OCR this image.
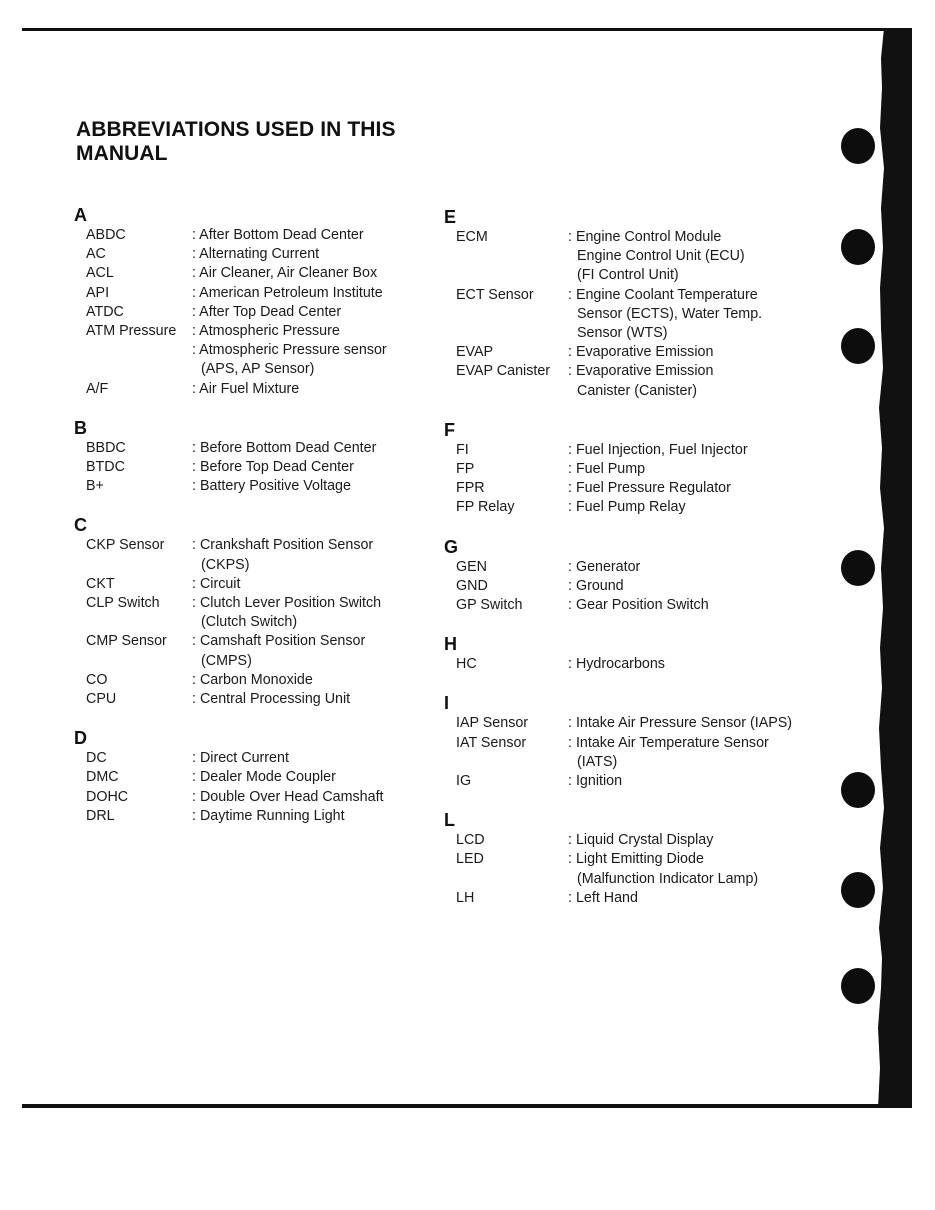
ABBREVIATIONS USED IN THIS
MANUAL
A
ABDC	: After Bottom Dead Center
AC	: Alternating Current
ACL	: Air Cleaner, Air Cleaner Box
API	: American Petroleum Institute
ATDC	: After Top Dead Center
ATM Pressure	: Atmospheric Pressure
: Atmospheric Pressure sensor
(APS, AP Sensor)
A/F	: Air Fuel Mixture
B
BBDC	: Before Bottom Dead Center
BTDC	: Before Top Dead Center
B+	: Battery Positive Voltage
C
CKP Sensor	: Crankshaft Position Sensor
(CKPS)
CKT	: Circuit
CLP Switch	: Clutch Lever Position Switch
(Clutch Switch)
CMP Sensor	: Camshaft Position Sensor
(CMPS)
CO	: Carbon Monoxide
CPU	: Central Processing Unit
D
DC	: Direct Current
DMC	: Dealer Mode Coupler
DOHC	: Double Over Head Camshaft
DRL	: Daytime Running Light
E
ECM	: Engine Control Module
Engine Control Unit (ECU)
(FI Control Unit)
ECT Sensor	: Engine Coolant Temperature
Sensor (ECTS), Water Temp.
Sensor (WTS)
EVAP	: Evaporative Emission
EVAP Canister	: Evaporative Emission
Canister (Canister)
F
FI	: Fuel Injection, Fuel Injector
FP	: Fuel Pump
FPR	: Fuel Pressure Regulator
FP Relay	: Fuel Pump Relay
G
GEN	: Generator
GND	: Ground
GP Switch	: Gear Position Switch
H
HC	: Hydrocarbons
I
IAP Sensor	: Intake Air Pressure Sensor (IAPS)
IAT Sensor	: Intake Air Temperature Sensor
(IATS)
IG	: Ignition
L
LCD	: Liquid Crystal Display
LED	: Light Emitting Diode
(Malfunction Indicator Lamp)
LH	: Left Hand
